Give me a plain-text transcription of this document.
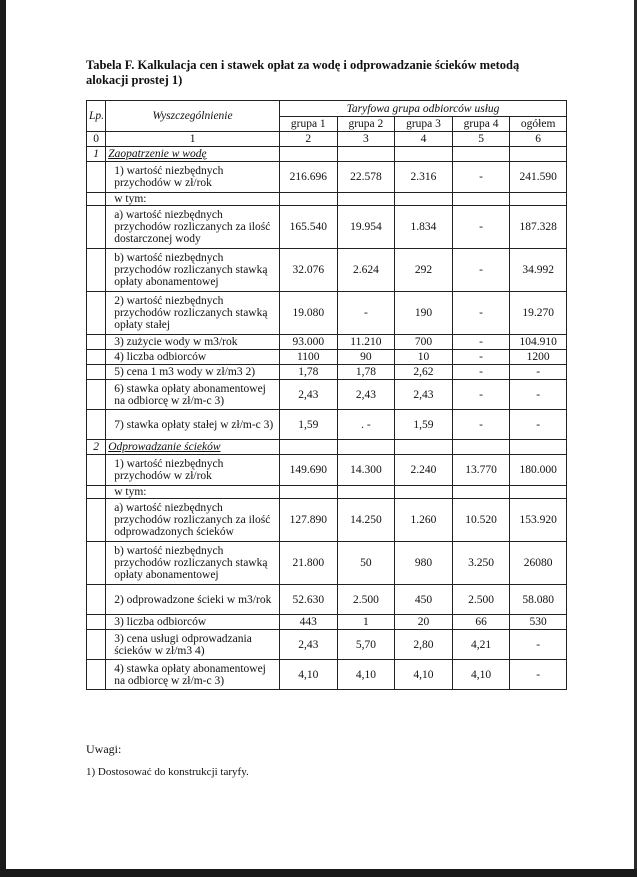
Tabela F. Kalkulacja cen i stawek opłat za wodę i odprowadzanie ścieków metodą alokacji prostej 1)
Lp.	Wyszczególnienie	Taryfowa grupa odbiorców usług				
		grupa 1	grupa 2	grupa 3	grupa 4	ogółem
0	1	2	3	4	5	6
1	Zaopatrzenie w wodę					
	1) wartość niezbędnych przychodów w zł/rok	216.696	22.578	2.316	-	241.590
	w tym:					
	a) wartość niezbędnych przychodów rozliczanych za ilość dostarczonej wody	165.540	19.954	1.834	-	187.328
	b) wartość niezbędnych przychodów rozliczanych stawką opłaty abonamentowej	32.076	2.624	292	-	34.992
	2) wartość niezbędnych przychodów rozliczanych stawką opłaty stałej	19.080	-	190	-	19.270
	3) zużycie wody w m3/rok	93.000	11.210	700	-	104.910
	4) liczba odbiorców	1100	90	10	-	1200
	5) cena 1 m3 wody w zł/m3 2)	1,78	1,78	2,62	-	-
	6) stawka opłaty abonamentowej na odbiorcę w zł/m-c 3)	2,43	2,43	2,43	-	-
	7) stawka opłaty stałej w zł/m-c 3)	1,59	. -	1,59	-	-
2	Odprowadzanie ścieków					
	1) wartość niezbędnych przychodów w zł/rok	149.690	14.300	2.240	13.770	180.000
	w tym:					
	a) wartość niezbędnych przychodów rozliczanych za ilość odprowadzonych ścieków	127.890	14.250	1.260	10.520	153.920
	b) wartość niezbędnych przychodów rozliczanych stawką opłaty abonamentowej	21.800	50	980	3.250	26080
	2) odprowadzone ścieki w m3/rok	52.630	2.500	450	2.500	58.080
	3) liczba odbiorców	443	1	20	66	530
	3) cena usługi odprowadzania ścieków w zł/m3 4)	2,43	5,70	2,80	4,21	-
	4) stawka opłaty abonamentowej na odbiorcę w zł/m-c 3)	4,10	4,10	4,10	4,10	-
Uwagi:
1) Dostosować do konstrukcji taryfy.
